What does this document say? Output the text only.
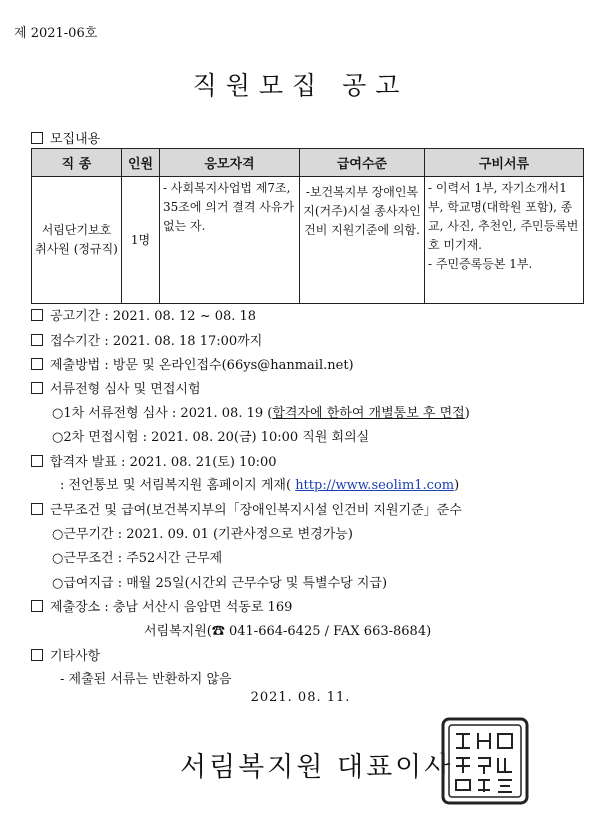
제 2021-06호
직원모집 공고
모집내용
직 종	인원	응모자격	급여수준	구비서류
서림단기보호 취사원 (정규직)	1명	- 사회복지사업법 제7조, 35조에 의거 결격 사유가 없는 자.	-보건복지부 장애인복지(거주)시설 종사자인건비 지원기준에 의함.	- 이력서 1부, 자기소개서1부, 학교명(대학원 포함), 종교, 사진, 추천인, 주민등록번호 미기재.
- 주민증록등본 1부.
공고기간 : 2021. 08. 12 ~ 08. 18
접수기간 : 2021. 08. 18 17:00까지
제출방법 : 방문 및 온라인접수(66ys@hanmail.net)
서류전형 심사 및 면접시험
○1차 서류전형 심사 : 2021. 08. 19 (합격자에 한하여 개별통보 후 면접)
○2차 면접시험 : 2021. 08. 20(금) 10:00 직원 회의실
합격자 발표 : 2021. 08. 21(토) 10:00
: 전언통보 및 서림복지원 홈페이지 게재( http://www.seolim1.com)
근무조건 및 급여(보건복지부의「장애인복지시설 인건비 지원기준」준수
○근무기간 : 2021. 09. 01 (기관사정으로 변경가능)
○근무조건 : 주52시간 근무제
○급여지급 : 매월 25일(시간외 근무수당 및 특별수당 지급)
제출장소 : 충남 서산시 음암면 석동로 169
서림복지원(☎ 041-664-6425 / FAX 663-8684)
기타사항
- 제출된 서류는 반환하지 않음
2021. 08. 11.
서림복지원 대표이사
